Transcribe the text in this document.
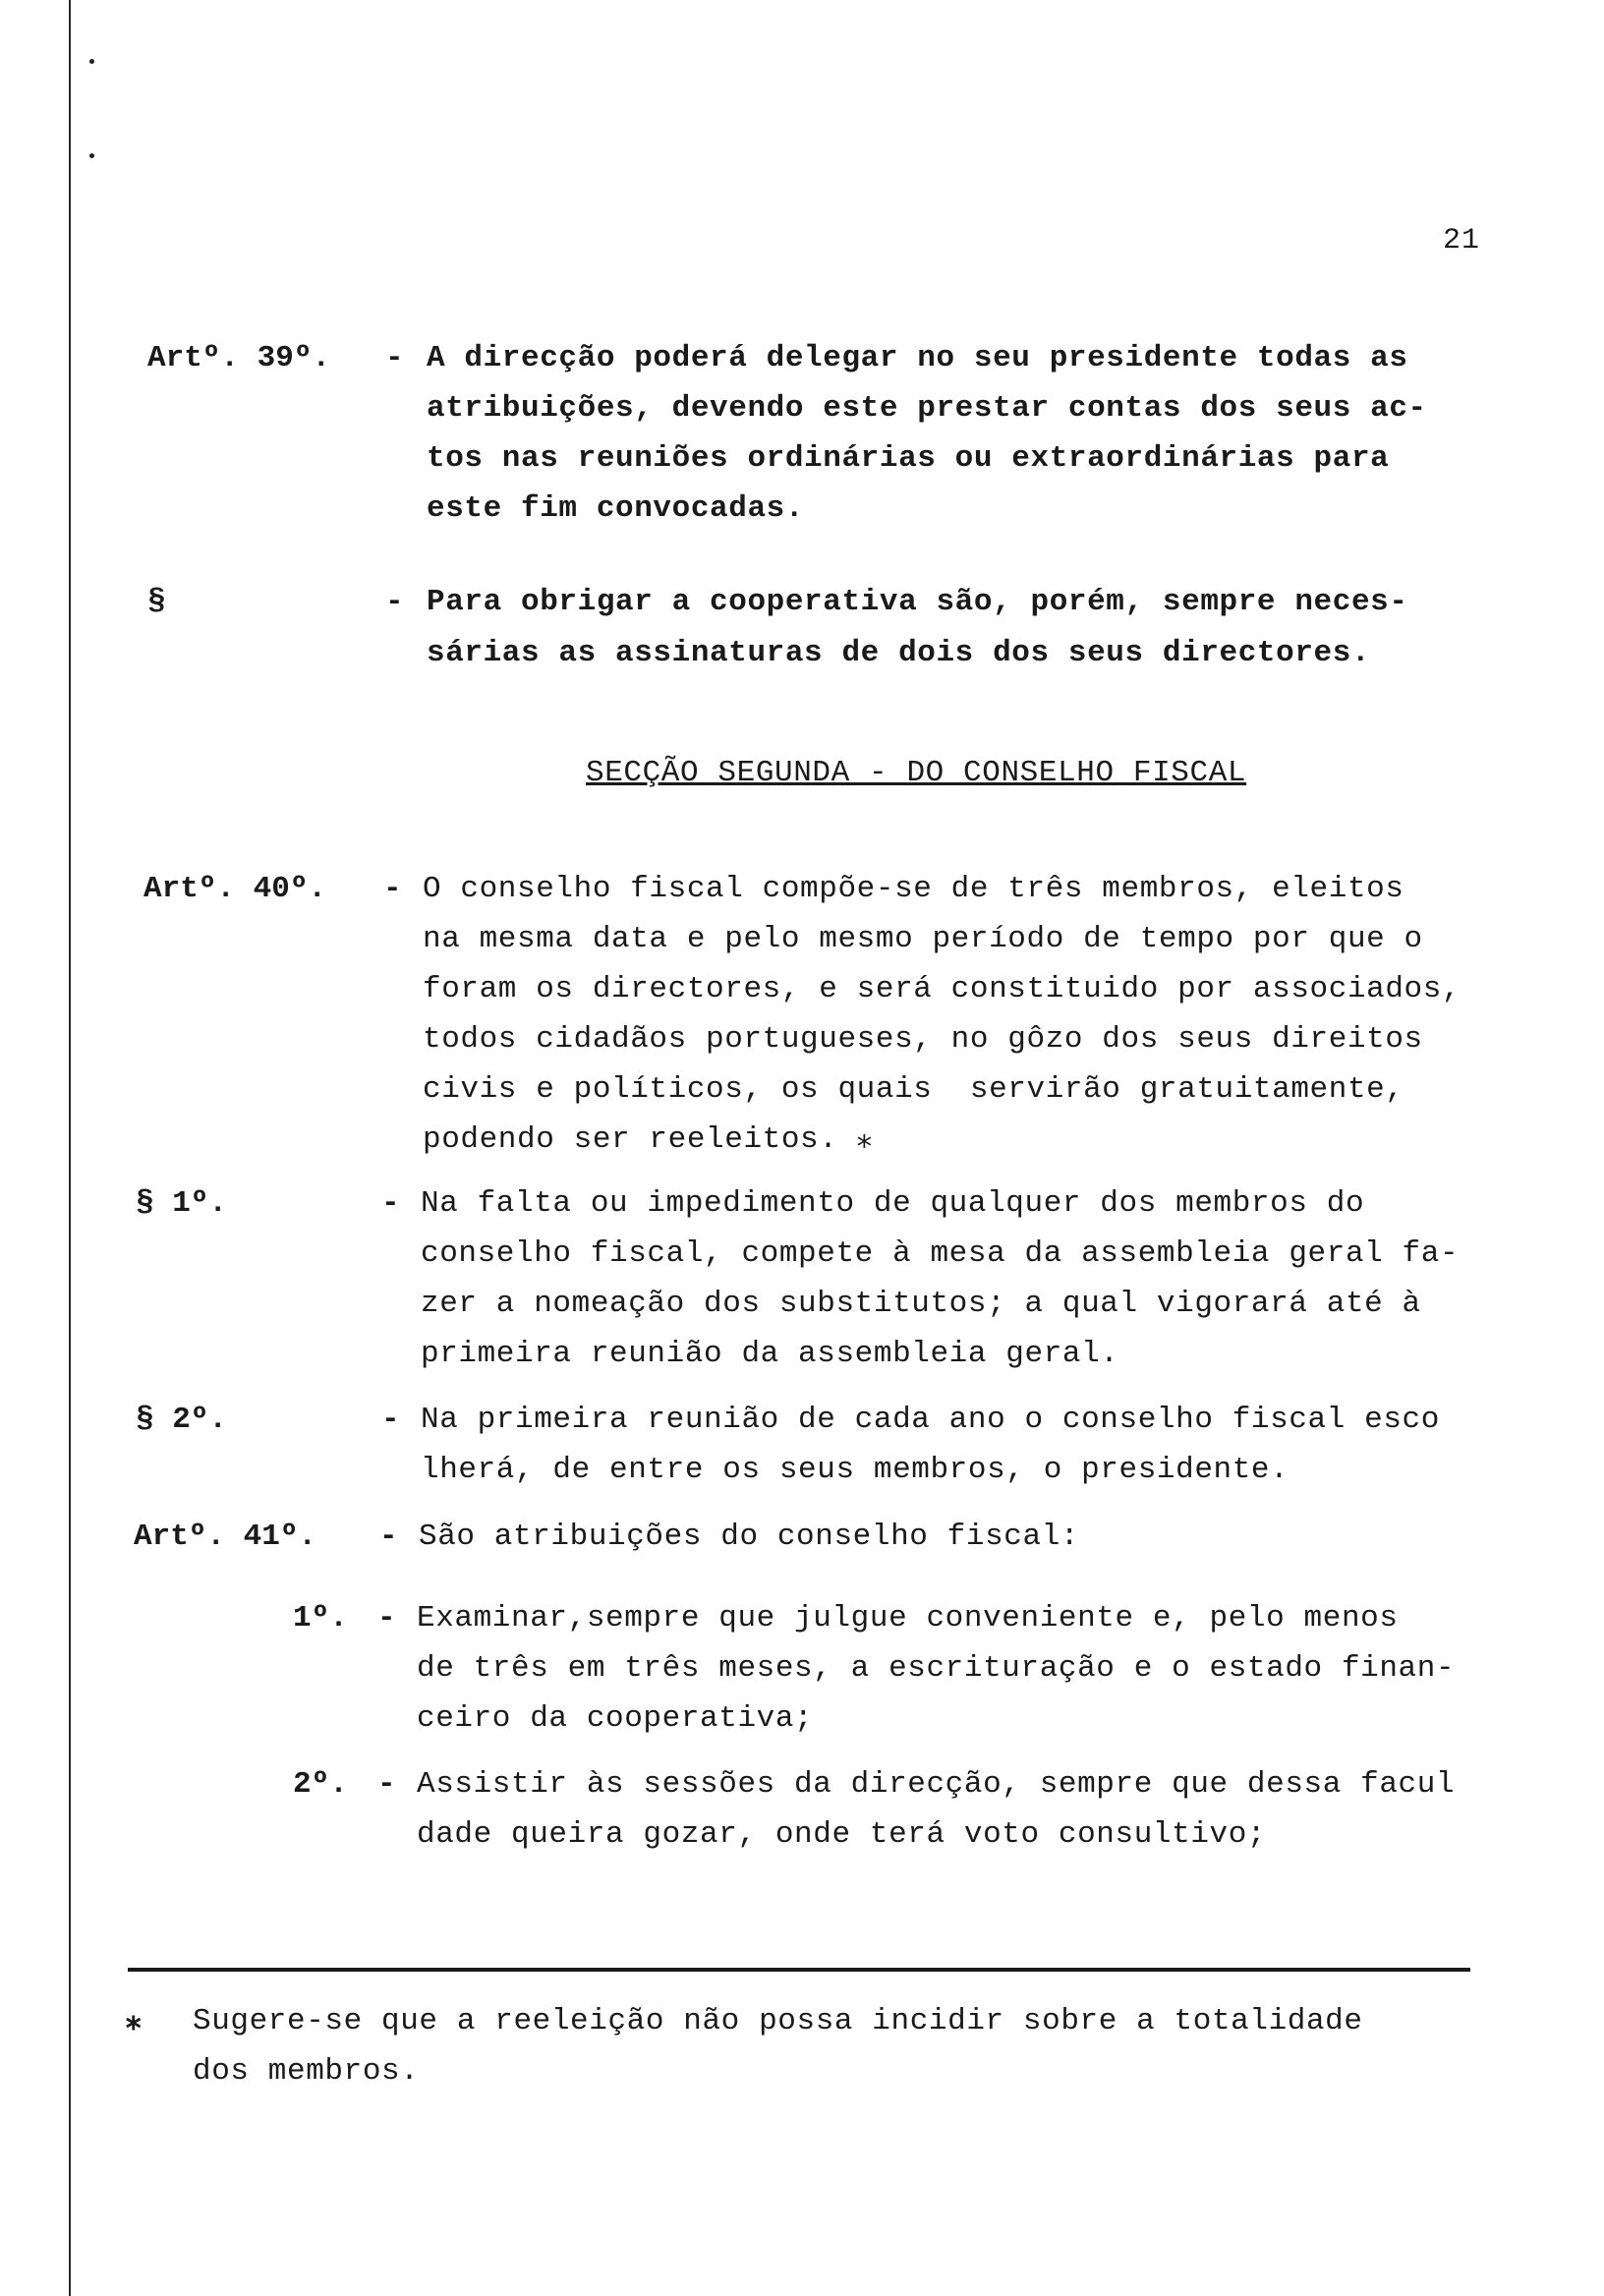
21
Artº. 39º. - A direcção poderá delegar no seu presidente todas as
atribuições, devendo este prestar contas dos seus ac-
tos nas reuniões ordinárias ou extraordinárias para
este fim convocadas.
§	- Para obrigar a cooperativa são, porém, sempre neces-
sárias as assinaturas de dois dos seus directores.
SECÇÃO SEGUNDA - DO CONSELHO FISCAL
Artº. 40º. - O conselho fiscal compõe-se de três membros, eleitos
na mesma data e pelo mesmo período de tempo por que o
foram os directores, e será constituido por associados,
todos cidadãos portugueses, no gôzo dos seus direitos
civis e políticos, os quais  servirão gratuitamente,
podendo ser reeleitos. ⁎
§ 1º.	- Na falta ou impedimento de qualquer dos membros do
conselho fiscal, compete à mesa da assembleia geral fa-
zer a nomeação dos substitutos; a qual vigorará até à
primeira reunião da assembleia geral.
§ 2º.	- Na primeira reunião de cada ano o conselho fiscal esco
lherá, de entre os seus membros, o presidente.
Artº. 41º. - São atribuições do conselho fiscal:
1º. - Examinar,sempre que julgue conveniente e, pelo menos
de três em três meses, a escrituração e o estado finan-
ceiro da cooperativa;
2º. - Assistir às sessões da direcção, sempre que dessa facul
dade queira gozar, onde terá voto consultivo;
⁎ Sugere-se que a reeleição não possa incidir sobre a totalidade
dos membros.
